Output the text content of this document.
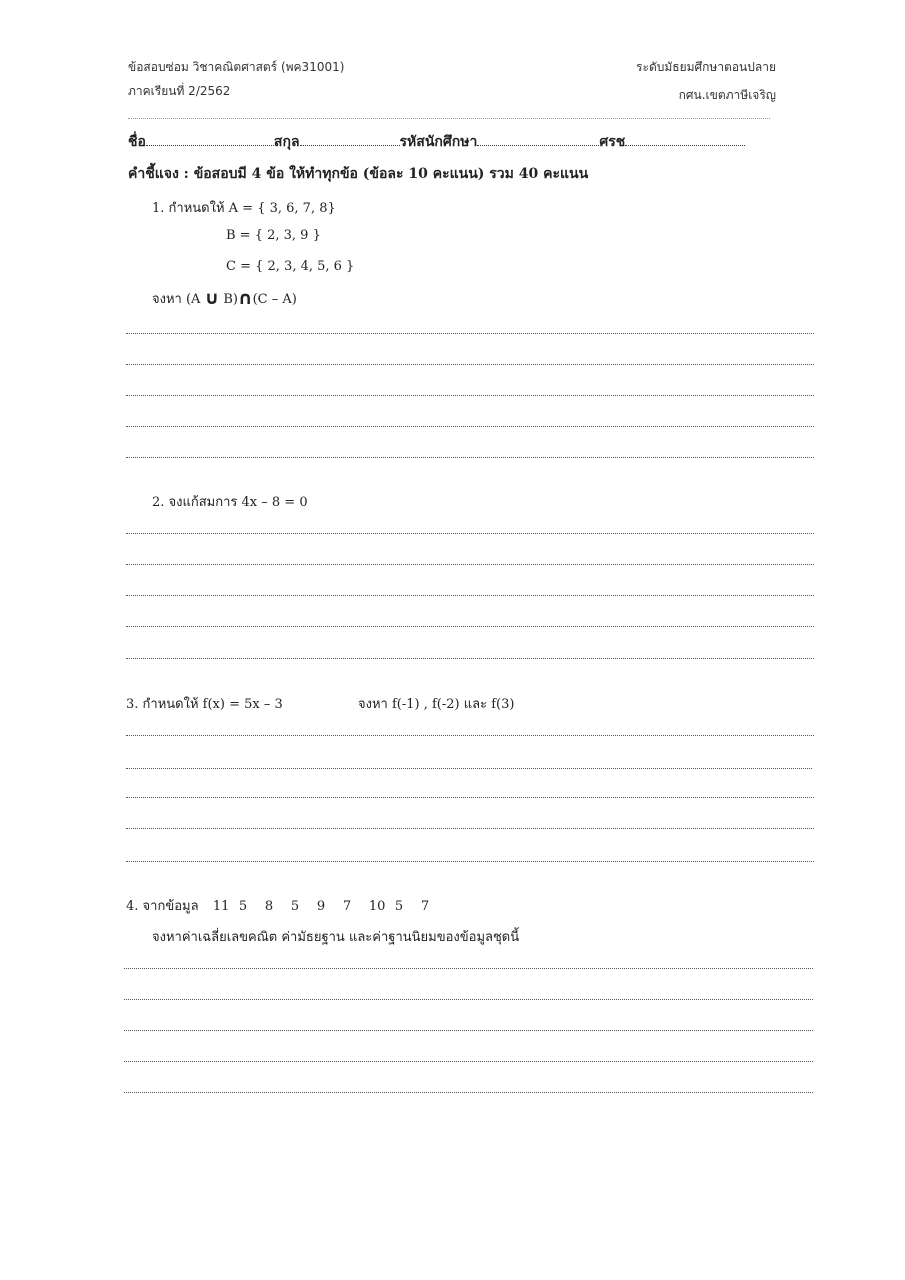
ข้อสอบซ่อม วิชาคณิตศาสตร์ (พค31001)
ภาคเรียนที่ 2/2562
ระดับมัธยมศึกษาตอนปลาย
กศน.เขตภาษีเจริญ
ชื่อ	สกุล	รหัสนักศึกษา	ศรช
คำชี้แจง : ข้อสอบมี 4 ข้อ ให้ทำทุกข้อ (ข้อละ 10 คะแนน) รวม 40 คะแนน
1. กำหนดให้ A = { 3, 6, 7, 8}
B = { 2, 3, 9 }
C = { 2, 3, 4, 5, 6 }
จงหา (A ∪ B)∩(C – A)
2. จงแก้สมการ 4x – 8 = 0
3. กำหนดให้ f(x) = 5x – 3	จงหา f(-1) , f(-2) และ f(3)
4. จากข้อมูล 11 5 8 5 9 7 10 5 7
จงหาค่าเฉลี่ยเลขคณิต ค่ามัธยฐาน และค่าฐานนิยมของข้อมูลชุดนี้
